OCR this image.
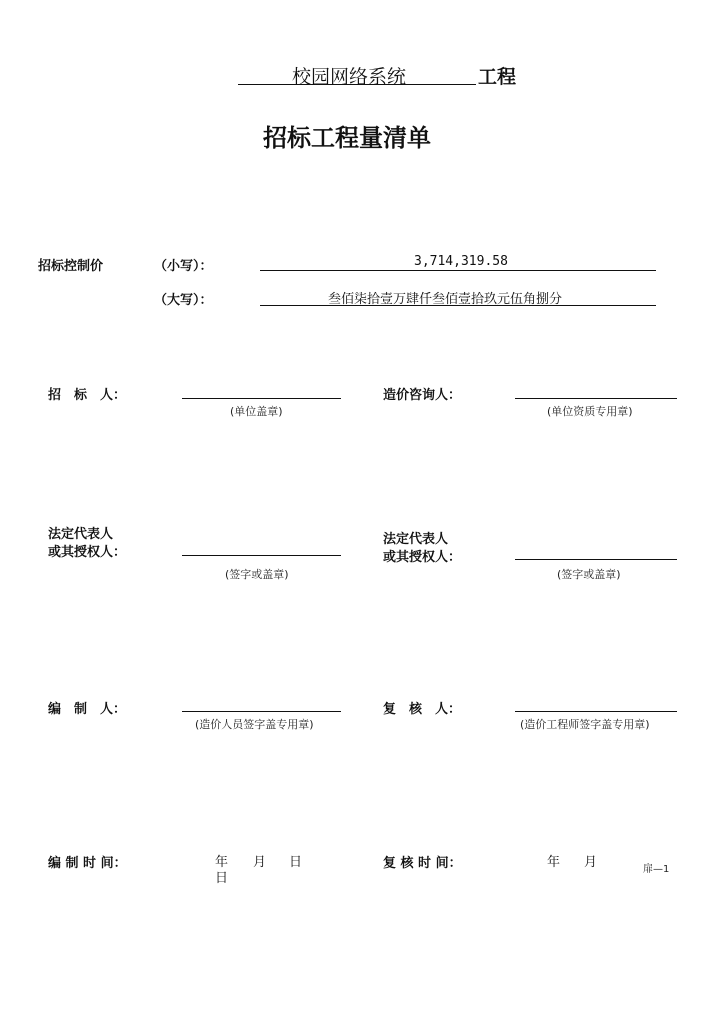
校园网络系统	工程
招标工程量清单
招标控制价	（小写）：	3,714,319.58
（大写）：	叁佰柒拾壹万肆仟叁佰壹拾玖元伍角捌分
招　标　人：
(单位盖章)
造价咨询人：
(单位资质专用章)
法定代表人
或其授权人：
(签字或盖章)
法定代表人
或其授权人：
(签字或盖章)
编　制　人：
(造价人员签字盖专用章)
复　核　人：
(造价工程师签字盖专用章)
编 制 时 间：	年 月 日
日
复 核 时 间：	年 月	扉—1
